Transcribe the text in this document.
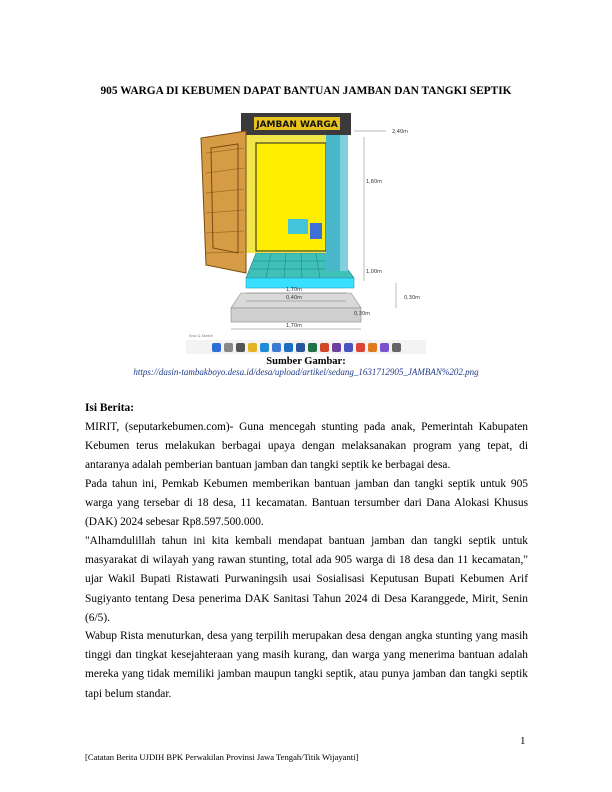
905 WARGA DI KEBUMEN DAPAT BANTUAN JAMBAN DAN TANGKI SEPTIK
JAMBAN WARGA
2,40m
1,60m
1,00m
1,70m
0,40m	0,30m
0,30m
1,70m
Snip & Sketch
Sumber Gambar:
https://dasin-tambakboyo.desa.id/desa/upload/artikel/sedang_1631712905_JAMBAN%202.png
Isi Berita:

MIRIT, (seputarkebumen.com)- Guna mencegah stunting pada anak, Pemerintah Kabupaten Kebumen terus melakukan berbagai upaya dengan melaksanakan program yang tepat, di antaranya adalah pemberian bantuan jamban dan tangki septik ke berbagai desa.

Pada tahun ini, Pemkab Kebumen memberikan bantuan jamban dan tangki septik untuk 905 warga yang tersebar di 18 desa, 11 kecamatan. Bantuan tersumber dari Dana Alokasi Khusus (DAK) 2024 sebesar Rp8.597.500.000.

"Alhamdulillah tahun ini kita kembali mendapat bantuan jamban dan tangki septik untuk masyarakat di wilayah yang rawan stunting, total ada 905 warga di 18 desa dan 11 kecamatan," ujar Wakil Bupati Ristawati Purwaningsih usai Sosialisasi Keputusan Bupati Kebumen Arif Sugiyanto tentang Desa penerima DAK Sanitasi Tahun 2024 di Desa Karanggede, Mirit, Senin (6/5).

Wabup Rista menuturkan, desa yang terpilih merupakan desa dengan angka stunting yang masih tinggi dan tingkat kesejahteraan yang masih kurang, dan warga yang menerima bantuan adalah mereka yang tidak memiliki jamban maupun tangki septik, atau punya jamban dan tangki septik tapi belum standar.

1
[Catatan Berita UJDIH BPK Perwakilan Provinsi Jawa Tengah/Titik Wijayanti]
